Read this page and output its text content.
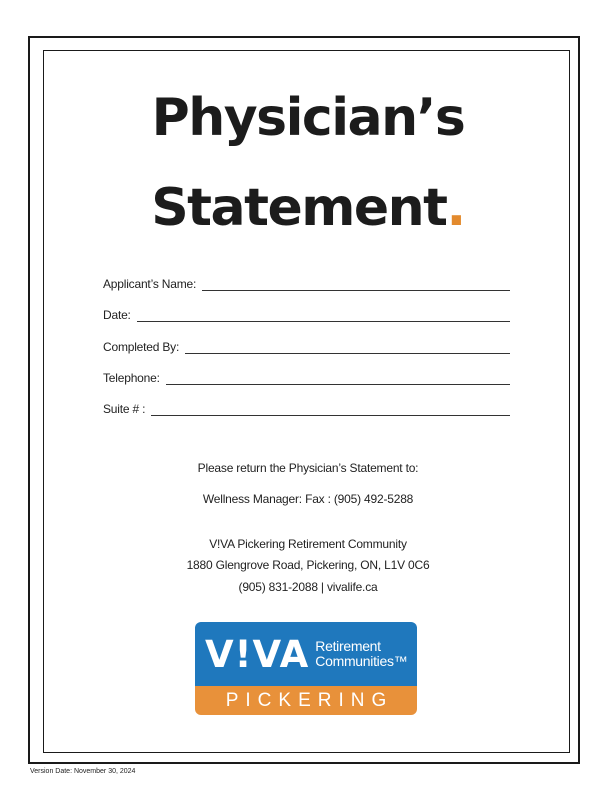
Physician’s
Statement.
Applicant’s Name:
Date:
Completed By:
Telephone:
Suite # :
Please return the Physician’s Statement to:
Wellness Manager: Fax : (905) 492-5288
V!VA Pickering Retirement Community
1880 Glengrove Road, Pickering, ON, L1V 0C6
(905) 831-2088 | vivalife.ca
V!VA Retirement
Communities™
PICKERING
Version Date: November 30, 2024
